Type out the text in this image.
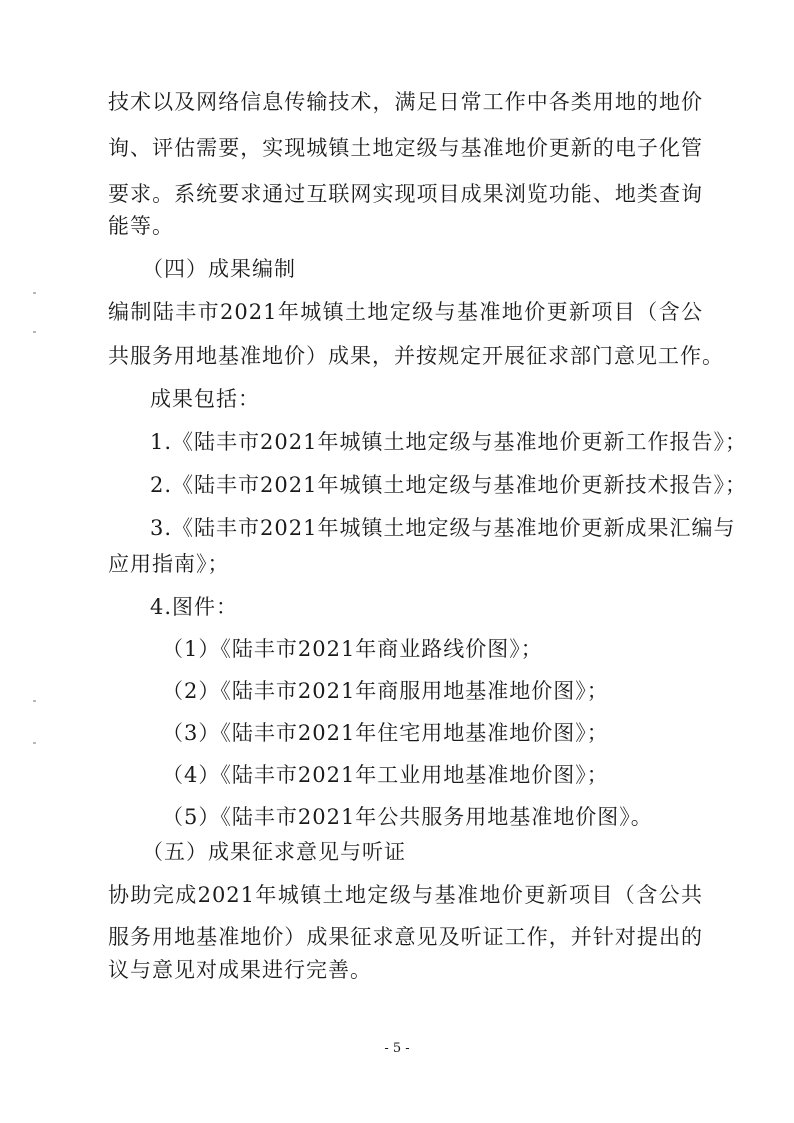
技术以及网络信息传输技术，满足日常工作中各类用地的地价
询、评估需要，实现城镇土地定级与基准地价更新的电子化管
要求。系统要求通过互联网实现项目成果浏览功能、地类查询
能等。
（四）成果编制
编制陆丰市2021年城镇土地定级与基准地价更新项目（含公
共服务用地基准地价）成果，并按规定开展征求部门意见工作。
成果包括：
1.《陆丰市2021年城镇土地定级与基准地价更新工作报告》；
2.《陆丰市2021年城镇土地定级与基准地价更新技术报告》；
3.《陆丰市2021年城镇土地定级与基准地价更新成果汇编与
应用指南》；
4.图件：
（1）《陆丰市2021年商业路线价图》；
（2）《陆丰市2021年商服用地基准地价图》；
（3）《陆丰市2021年住宅用地基准地价图》；
（4）《陆丰市2021年工业用地基准地价图》；
（5）《陆丰市2021年公共服务用地基准地价图》。
（五）成果征求意见与听证
协助完成2021年城镇土地定级与基准地价更新项目（含公共
服务用地基准地价）成果征求意见及听证工作，并针对提出的
议与意见对成果进行完善。
- 5 -
